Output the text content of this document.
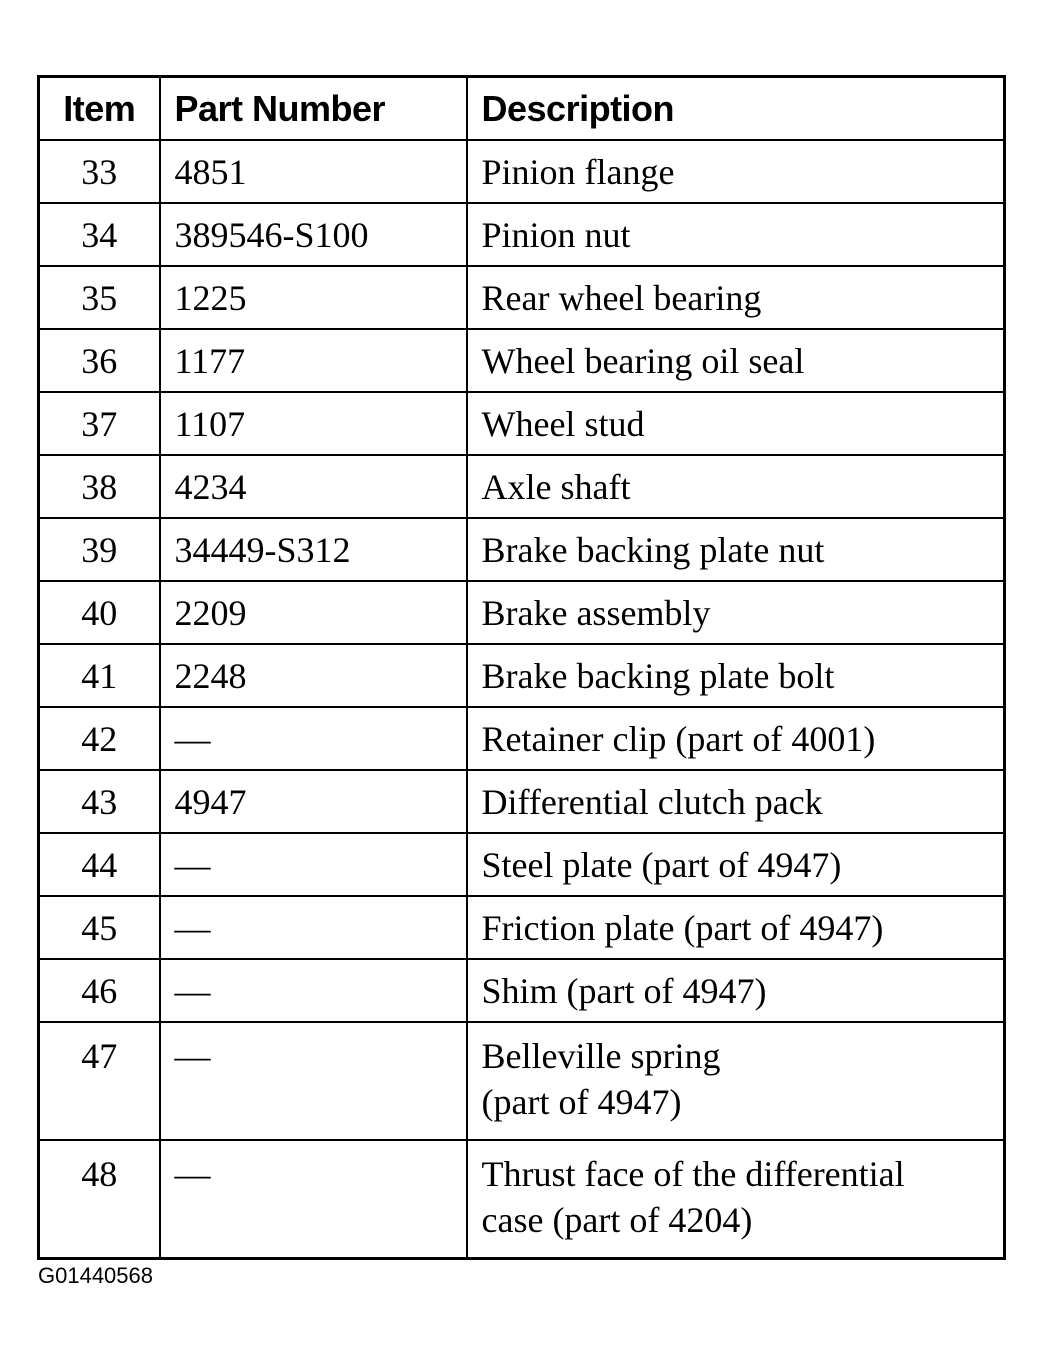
Item	Part Number	Description
33	4851	Pinion flange
34	389546-S100	Pinion nut
35	1225	Rear wheel bearing
36	1177	Wheel bearing oil seal
37	1107	Wheel stud
38	4234	Axle shaft
39	34449-S312	Brake backing plate nut
40	2209	Brake assembly
41	2248	Brake backing plate bolt
42	—	Retainer clip (part of 4001)
43	4947	Differential clutch pack
44	—	Steel plate (part of 4947)
45	—	Friction plate (part of 4947)
46	—	Shim (part of 4947)
47	—	Belleville spring
(part of 4947)

48	—	Thrust face of the differential
case (part of 4204)
G01440568
